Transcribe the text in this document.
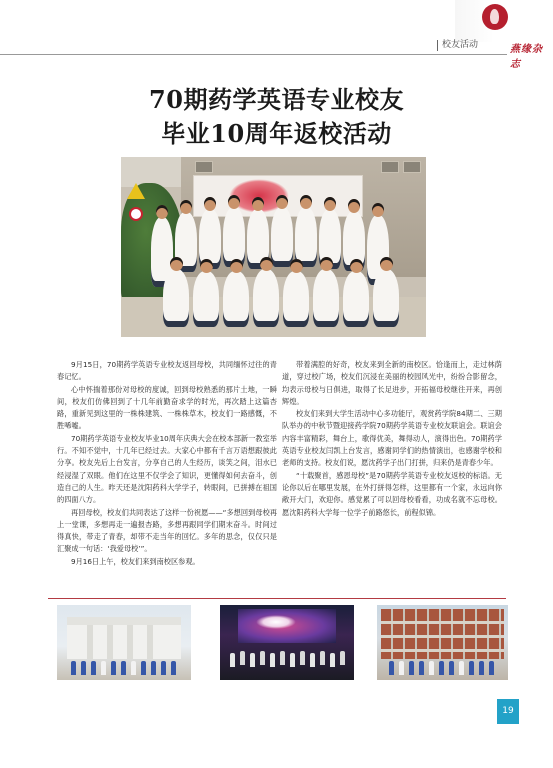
燕缘杂志
校友活动
70期药学英语专业校友
毕业10周年返校活动

9月15日，70期药学英语专业校友返回母校，共同缅怀过往的青春记忆。

心中怀揣着那份对母校的度诚，回到母校熟悉的那片土地，一瞬间，校友们仿佛回到了十几年前勤奋求学的时光，再次踏上这篇杏路，重新见到这里的一株株建筑、一株株草木，校友们一路感慨，不胜唏嘘。

70期药学英语专业校友毕业10周年庆典大会在校本部新一教室举行。不知不觉中，十几年已经过去。大家心中都有千言万语想跟彼此分享。校友先后上台发言，分享自己的人生经历，谈笑之间，泪水已经浸湿了双眼。他们在这里不仅学会了知识，更懂得如何去奋斗，创造自己的人生。昨天还是沈阳药科大学学子，转眼间，已拼搏在祖国的四面八方。

再回母校，校友们共同表达了这样一份祝愿——“多想回到母校再上一堂课，多想再走一遍报杏路，多想再跟同学们期末奋斗。时间过得真快，带走了青春，却带不走当年的回忆。多年的思念，仅仅只是汇聚成一句话：‘我爱母校’”。

9月16日上午，校友们来到南校区参观。

带着满腔的好奇，校友来到全新的南校区。恰逢而上，走过林荫道，穿过校广场，校友们沉浸在美丽的校园风光中，纷纷合影留念，均表示母校与日俱进，取得了长足进步，开拓福母校继往开来，再创辉煌。

校友们来到大学生活动中心多功能厅，观赏药学院84期二、三期队举办的中秋节暨迎接药学院70期药学英语专业校友联谊会。联谊会内容丰富精彩，舞台上，歌得优美，舞得动人，演得出色。70期药学英语专业校友闫凯上台发言，感谢同学们的热情演出，也感谢学校和老师的支持。校友们说，愿沈药学子出门打拼，归来仍是青春少年。

“十载聚首，感恩母校”是70期药学英语专业校友返校的标语。无论你以后在哪里发展，在外打拼得怎样，这里都有一个家，永远向你敞开大门，欢迎你。感觉累了可以回母校看看，功成名就不忘母校。愿沈阳药科大学每一位学子前路悠长，前程似锦。

19
